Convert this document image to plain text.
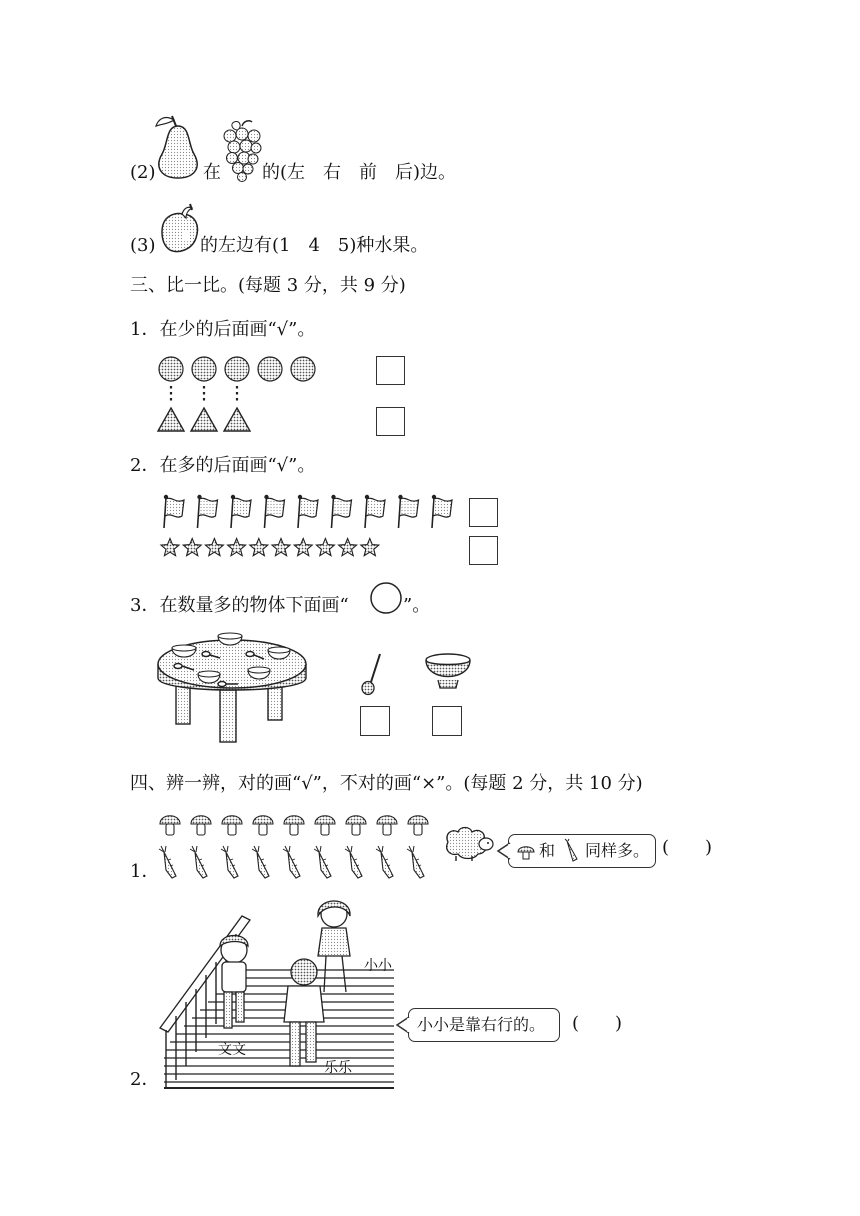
(2)	在 的(左　右　前　后)边。
(3) 的左边有(1　4　5)种水果。
三、比一比。(每题 3 分，共 9 分)
1．在少的后面画“√”。
2．在多的后面画“√”。
3．在数量多的物体下面画“	”。
四、辨一辨，对的画“√”，不对的画“×”。(每题 2 分，共 10 分)
1．

和

同样多。 (　　)
小小
文文
乐乐

小小是靠右行的。 (　　)
2．
